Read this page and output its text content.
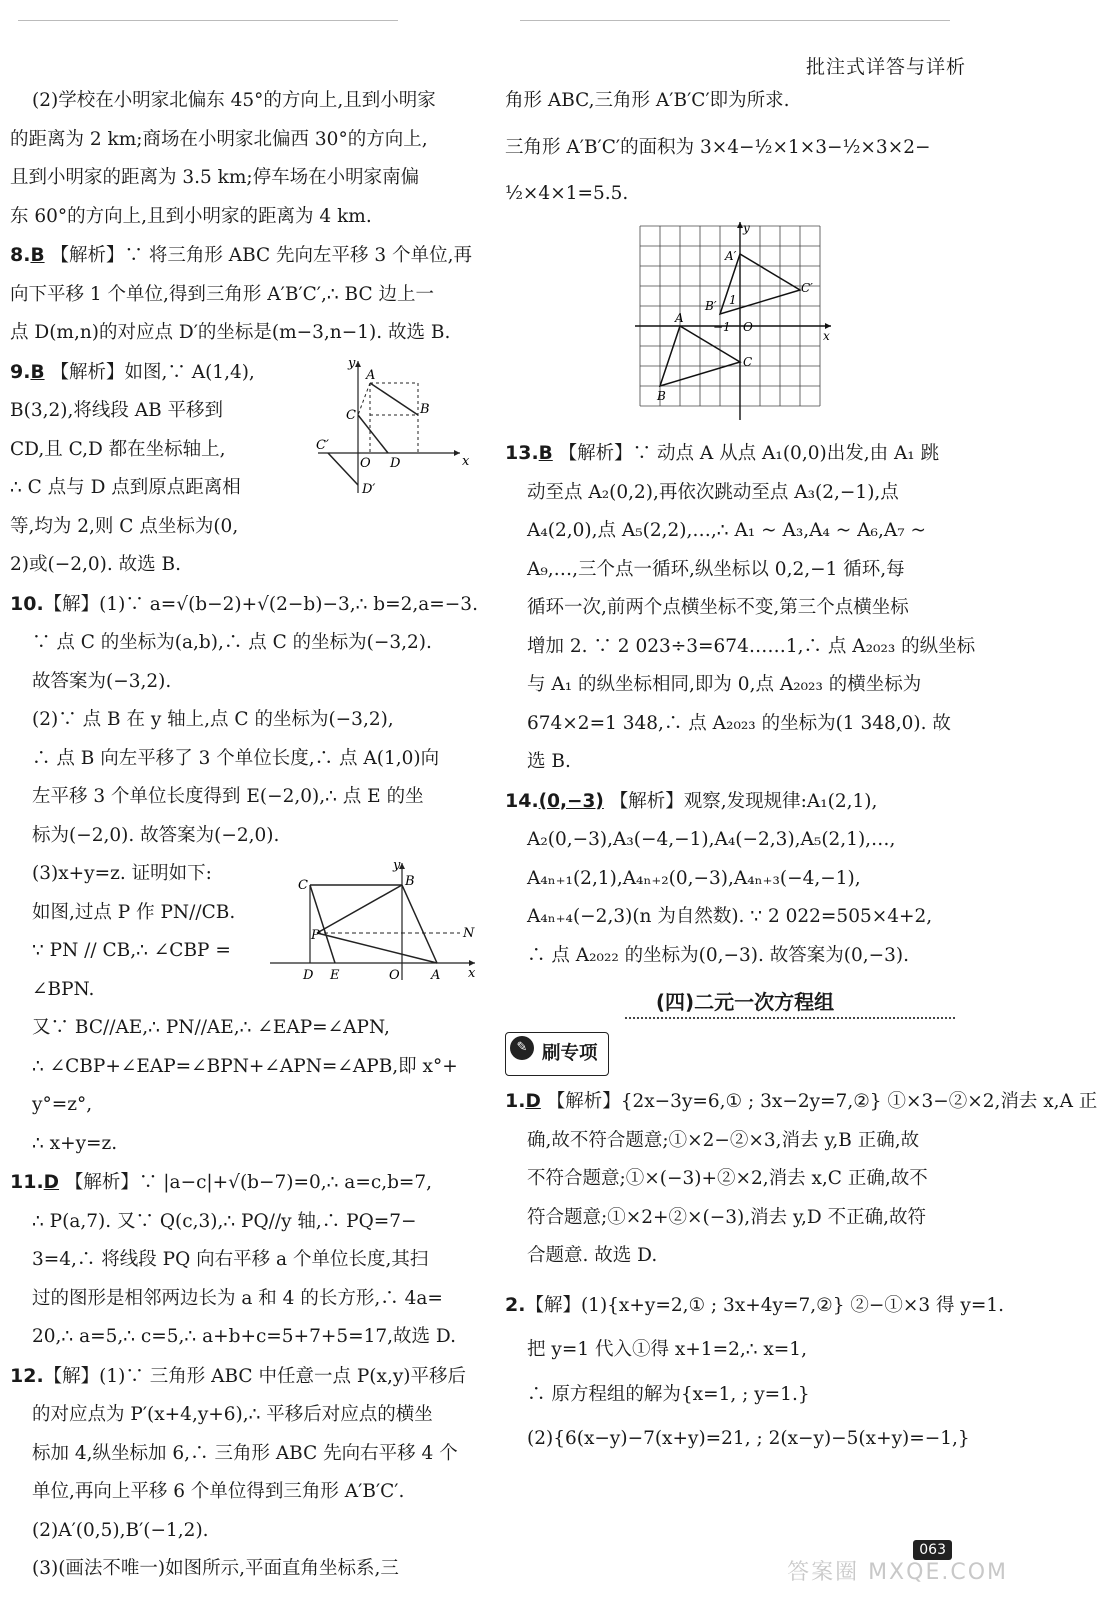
批注式详答与详析
(2)学校在小明家北偏东 45°的方向上,且到小明家
的距离为 2 km;商场在小明家北偏西 30°的方向上,
且到小明家的距离为 3.5 km;停车场在小明家南偏
东 60°的方向上,且到小明家的距离为 4 km.
8.B 【解析】∵ 将三角形 ABC 先向左平移 3 个单位,再
向下平移 1 个单位,得到三角形 A′B′C′,∴ BC 边上一
点 D(m,n)的对应点 D′的坐标是(m−3,n−1). 故选 B.
9.B 【解析】如图,∵ A(1,4),
B(3,2),将线段 AB 平移到
CD,且 C,D 都在坐标轴上,
∴ C 点与 D 点到原点距离相
等,均为 2,则 C 点坐标为(0,
2)或(−2,0). 故选 B.
y
x
A
B
C
D
C′
D′
O
10.【解】(1)∵ a=√(b−2)+√(2−b)−3,∴ b=2,a=−3.
∵ 点 C 的坐标为(a,b),∴ 点 C 的坐标为(−3,2).
故答案为(−3,2).
(2)∵ 点 B 在 y 轴上,点 C 的坐标为(−3,2),
∴ 点 B 向左平移了 3 个单位长度,∴ 点 A(1,0)向
左平移 3 个单位长度得到 E(−2,0),∴ 点 E 的坐
标为(−2,0). 故答案为(−2,0).
(3)x+y=z. 证明如下:
如图,过点 P 作 PN//CB.
∵ PN // CB,∴ ∠CBP =
∠BPN.
又∵ BC//AE,∴ PN//AE,∴ ∠EAP=∠APN,
∴ ∠CBP+∠EAP=∠BPN+∠APN=∠APB,即 x°+
y°=z°,
∴ x+y=z.
y
x
C	B
P	N
D E	O A
11.D 【解析】∵ |a−c|+√(b−7)=0,∴ a=c,b=7,
∴ P(a,7). 又∵ Q(c,3),∴ PQ//y 轴,∴ PQ=7−
3=4,∴ 将线段 PQ 向右平移 a 个单位长度,其扫
过的图形是相邻两边长为 a 和 4 的长方形,∴ 4a=
20,∴ a=5,∴ c=5,∴ a+b+c=5+7+5=17,故选 D.
12.【解】(1)∵ 三角形 ABC 中任意一点 P(x,y)平移后
的对应点为 P′(x+4,y+6),∴ 平移后对应点的横坐
标加 4,纵坐标加 6,∴ 三角形 ABC 先向右平移 4 个
单位,再向上平移 6 个单位得到三角形 A′B′C′.
(2)A′(0,5),B′(−1,2).
(3)(画法不唯一)如图所示,平面直角坐标系,三
角形 ABC,三角形 A′B′C′即为所求.
三角形 A′B′C′的面积为 3×4−½×1×3−½×3×2−
½×4×1=5.5.
y
x
A
B
C
A′
B′
C′
O
1
−1
13.B 【解析】∵ 动点 A 从点 A₁(0,0)出发,由 A₁ 跳
动至点 A₂(0,2),再依次跳动至点 A₃(2,−1),点
A₄(2,0),点 A₅(2,2),…,∴ A₁ ~ A₃,A₄ ~ A₆,A₇ ~
A₉,…,三个点一循环,纵坐标以 0,2,−1 循环,每
循环一次,前两个点横坐标不变,第三个点横坐标
增加 2. ∵ 2 023÷3=674……1,∴ 点 A₂₀₂₃ 的纵坐标
与 A₁ 的纵坐标相同,即为 0,点 A₂₀₂₃ 的横坐标为
674×2=1 348,∴ 点 A₂₀₂₃ 的坐标为(1 348,0). 故
选 B.
14.(0,−3) 【解析】观察,发现规律:A₁(2,1),
A₂(0,−3),A₃(−4,−1),A₄(−2,3),A₅(2,1),…,
A₄ₙ₊₁(2,1),A₄ₙ₊₂(0,−3),A₄ₙ₊₃(−4,−1),
A₄ₙ₊₄(−2,3)(n 为自然数). ∵ 2 022=505×4+2,
∴ 点 A₂₀₂₂ 的坐标为(0,−3). 故答案为(0,−3).
(四)二元一次方程组
✎ 刷专项
1.D 【解析】{2x−3y=6,① ; 3x−2y=7,②} ①×3−②×2,消去 x,A 正
确,故不符合题意;①×2−②×3,消去 y,B 正确,故
不符合题意;①×(−3)+②×2,消去 x,C 正确,故不
符合题意;①×2+②×(−3),消去 y,D 不正确,故符
合题意. 故选 D.
2.【解】(1){x+y=2,① ; 3x+4y=7,②} ②−①×3 得 y=1.
把 y=1 代入①得 x+1=2,∴ x=1,
∴ 原方程组的解为{x=1, ; y=1.}
(2){6(x−y)−7(x+y)=21, ; 2(x−y)−5(x+y)=−1,}
答案圈 MXQE.COM
063
